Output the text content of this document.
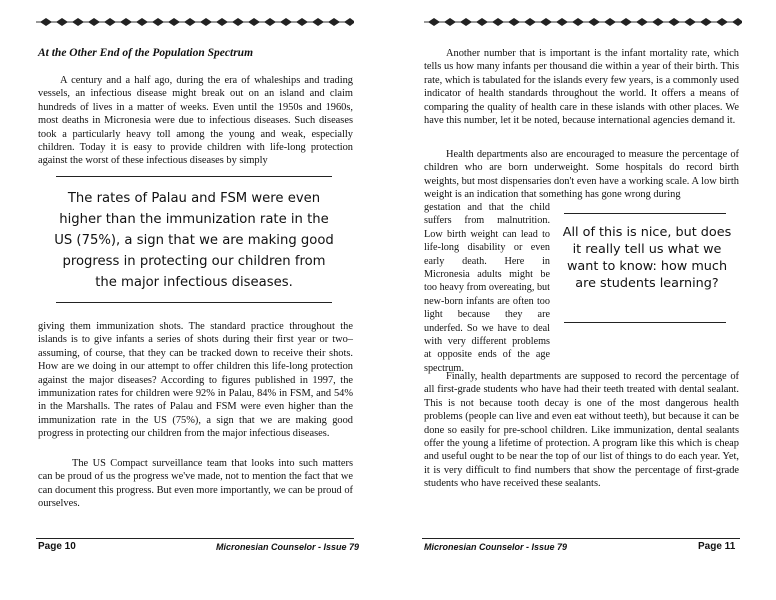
At the Other End of the Population Spectrum

A century and a half ago, during the era of whaleships and trading vessels, an infectious disease might break out on an island and claim hundreds of lives in a matter of weeks. Even until the 1950s and 1960s, most deaths in Micronesia were due to infectious diseases. Such diseases took a particularly heavy toll among the young and weak, especially children. Today it is easy to provide children with life-long protection against the worst of these infectious diseases by simply

The rates of Palau and FSM were even higher than the immunization rate in the US (75%), a sign that we are making good progress in protecting our children from the major infectious diseases.

giving them immunization shots. The standard practice throughout the islands is to give infants a series of shots during their first year or two–assuming, of course, that they can be tracked down to receive their shots. How are we doing in our attempt to offer children this life-long protection against the major diseases? According to figures published in 1997, the immunization rates for children were 92% in Palau, 84% in FSM, and 54% in the Marshalls. The rates of Palau and FSM were even higher than the immunization rate in the US (75%), a sign that we are making good progress in protecting our children from the major infectious diseases.

The US Compact surveillance team that looks into such matters can be proud of us the progress we've made, not to mention the fact that we can document this progress. But even more importantly, we can be proud of ourselves.

Page 10	Micronesian Counselor - Issue 79

Another number that is important is the infant mortality rate, which tells us how many infants per thousand die within a year of their birth. This rate, which is tabulated for the islands every few years, is a commonly used indicator of health standards throughout the world. It offers a means of comparing the quality of health care in these islands with other places. We have this number, let it be noted, because international agencies demand it.

Health departments also are encouraged to measure the percentage of children who are born underweight. Some hospitals do record birth weights, but most dispensaries don't even have a working scale. A low birth weight is an indication that something has gone wrong during

gestation and that the child suffers from malnutrition. Low birth weight can lead to life-long disability or even early death. Here in Micronesia adults might be too heavy from overeating, but new-born infants are often too light because they are underfed. So we have to deal with very different problems at opposite ends of the age spectrum.

All of this is nice, but does it really tell us what we want to know: how much are students learning?

Finally, health departments are supposed to record the percentage of all first-grade students who have had their teeth treated with dental sealant. This is not because tooth decay is one of the most dangerous health problems (people can live and even eat without teeth), but because it can be done so easily for pre-school children. Like immunization, dental sealants offer the young a lifetime of protection. A program like this which is cheap and useful ought to be near the top of our list of things to do each year. Yet, it is very difficult to find numbers that show the percentage of first-grade students who have received these sealants.

Micronesian Counselor - Issue 79	Page 11
